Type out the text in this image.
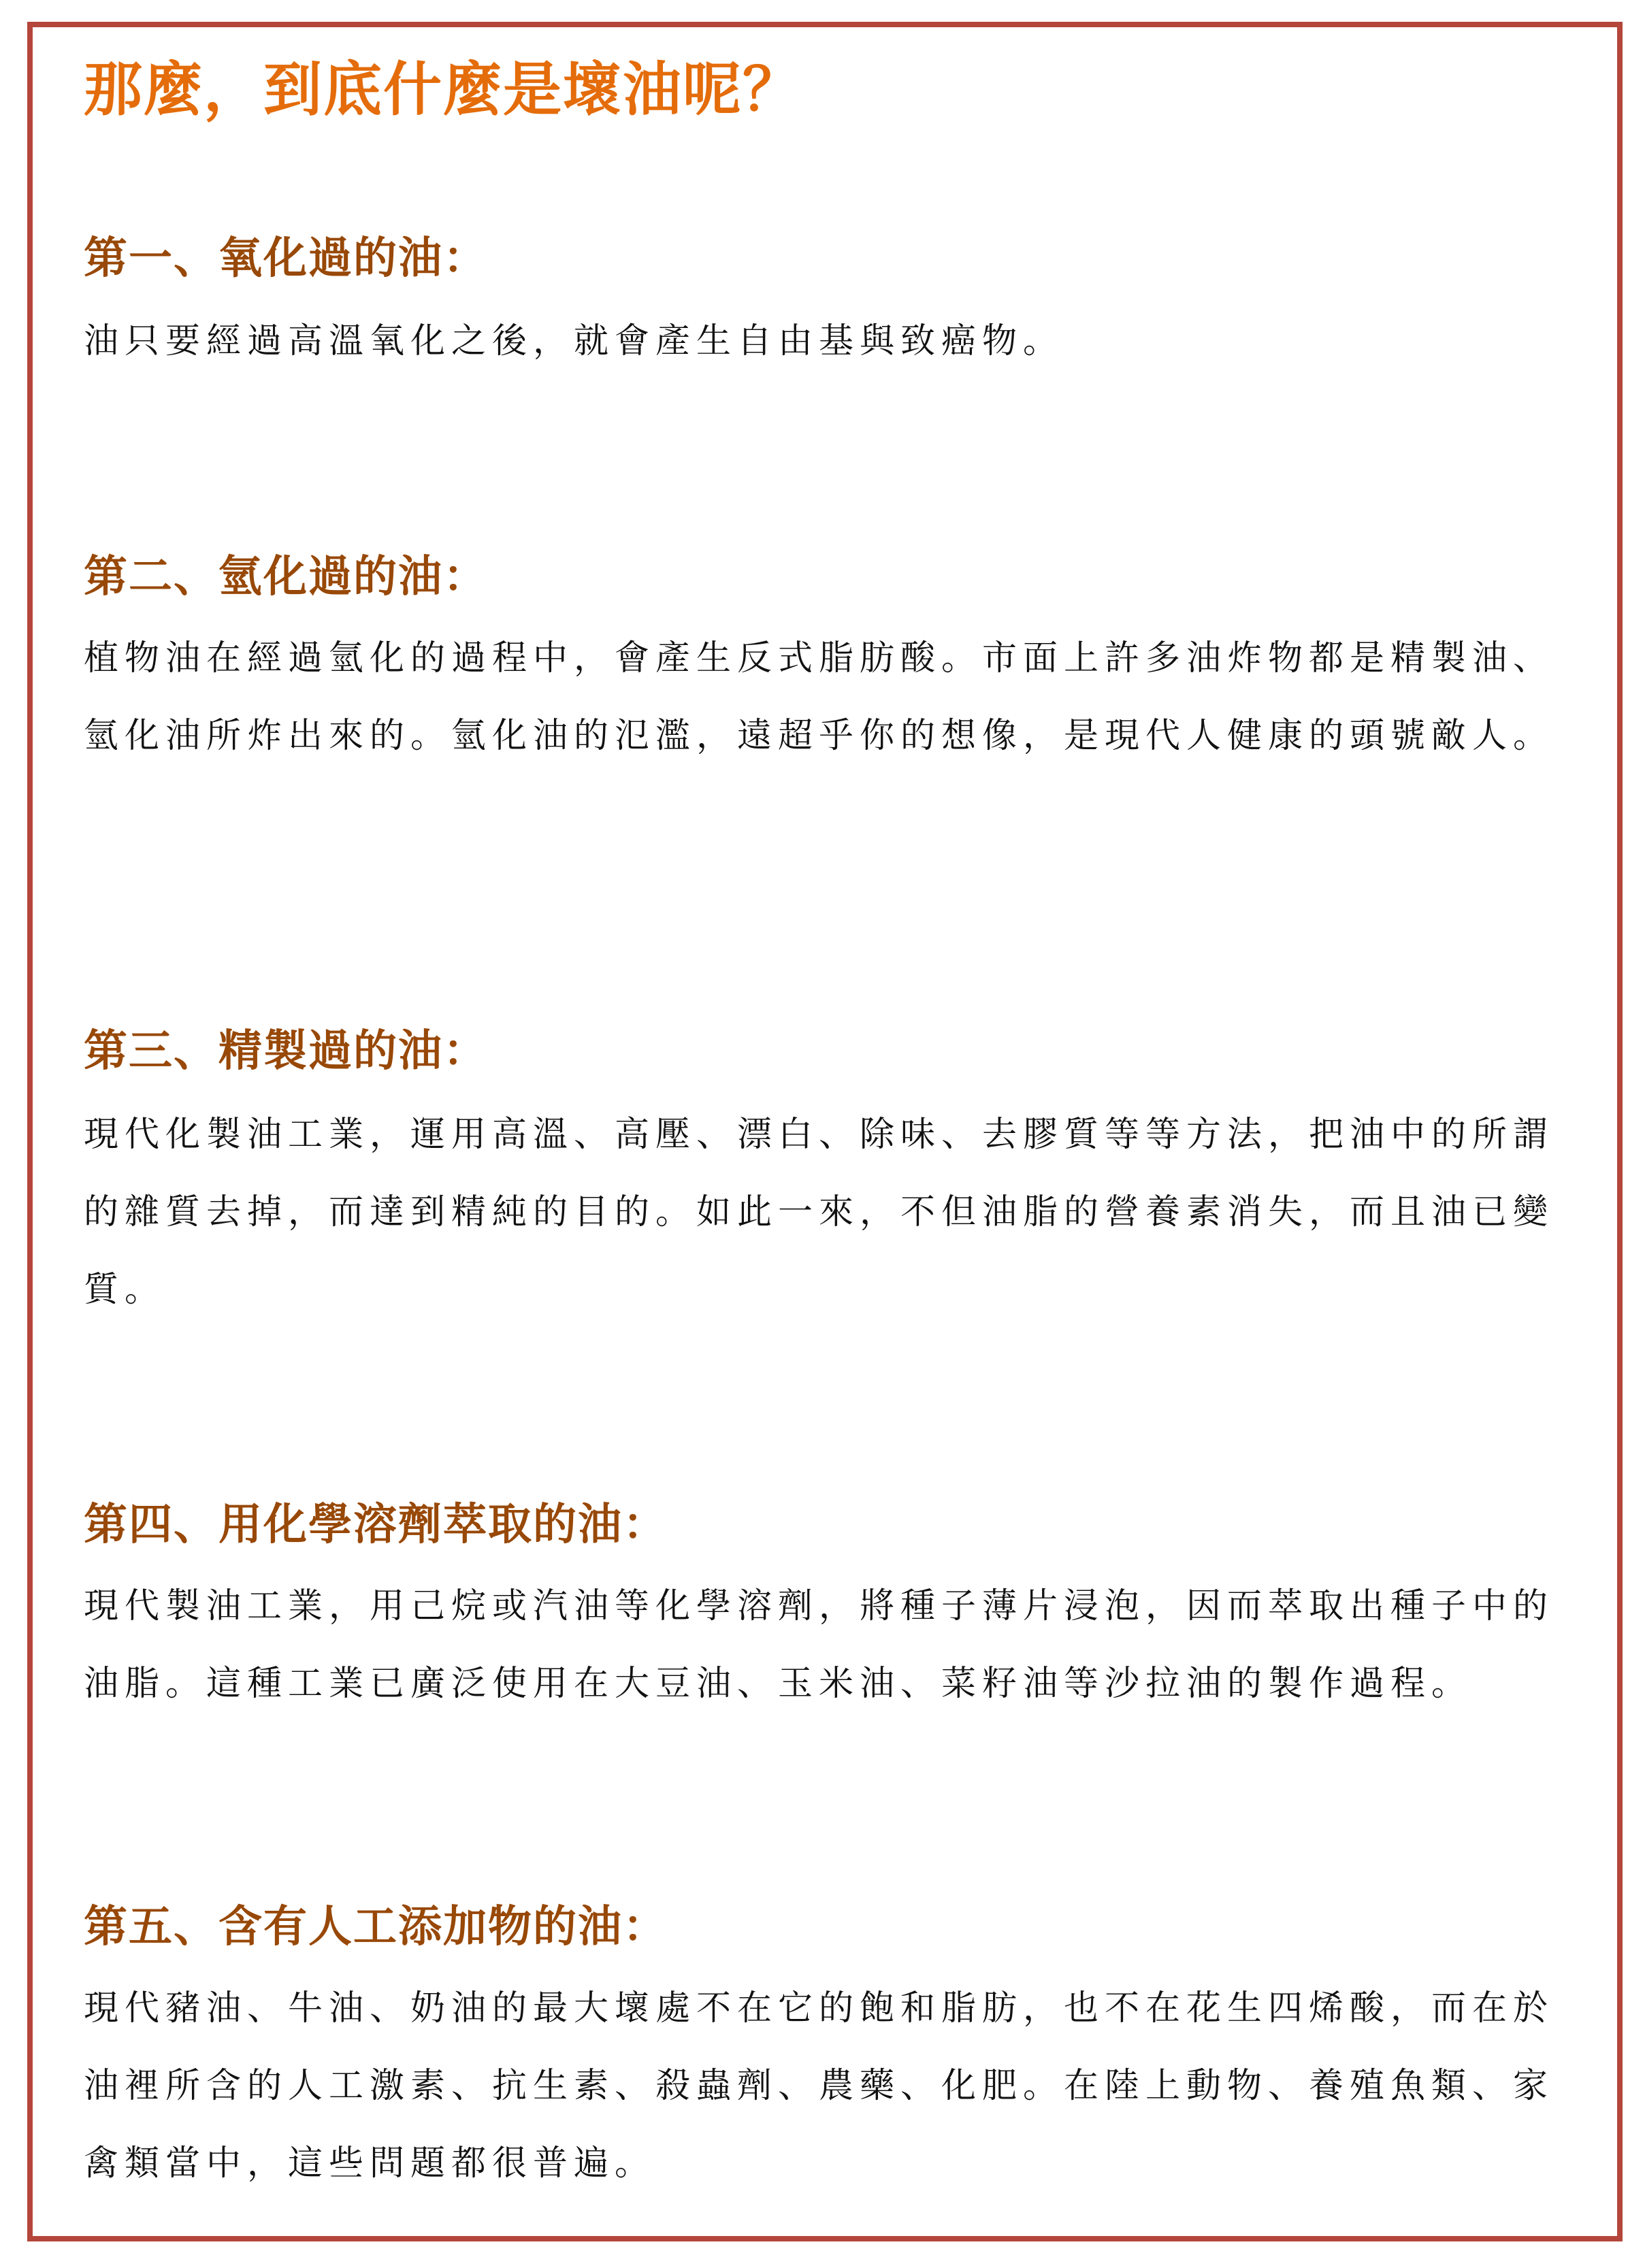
那麼，到底什麼是壞油呢？
第一、氧化過的油：

油只要經過高溫氧化之後，就會產生自由基與致癌物。

第二、氫化過的油：

植物油在經過氫化的過程中，會產生反式脂肪酸。市面上許多油炸物都是精製油、氫化油所炸出來的。氫化油的氾濫，遠超乎你的想像，是現代人健康的頭號敵人。

第三、精製過的油：

現代化製油工業，運用高溫、高壓、漂白、除味、去膠質等等方法，把油中的所謂的雜質去掉，而達到精純的目的。如此一來，不但油脂的營養素消失，而且油已變質。

第四、用化學溶劑萃取的油：

現代製油工業，用己烷或汽油等化學溶劑，將種子薄片浸泡，因而萃取出種子中的油脂。這種工業已廣泛使用在大豆油、玉米油、菜籽油等沙拉油的製作過程。

第五、含有人工添加物的油：

現代豬油、牛油、奶油的最大壞處不在它的飽和脂肪，也不在花生四烯酸，而在於油裡所含的人工激素、抗生素、殺蟲劑、農藥、化肥。在陸上動物、養殖魚類、家禽類當中，這些問題都很普遍。
